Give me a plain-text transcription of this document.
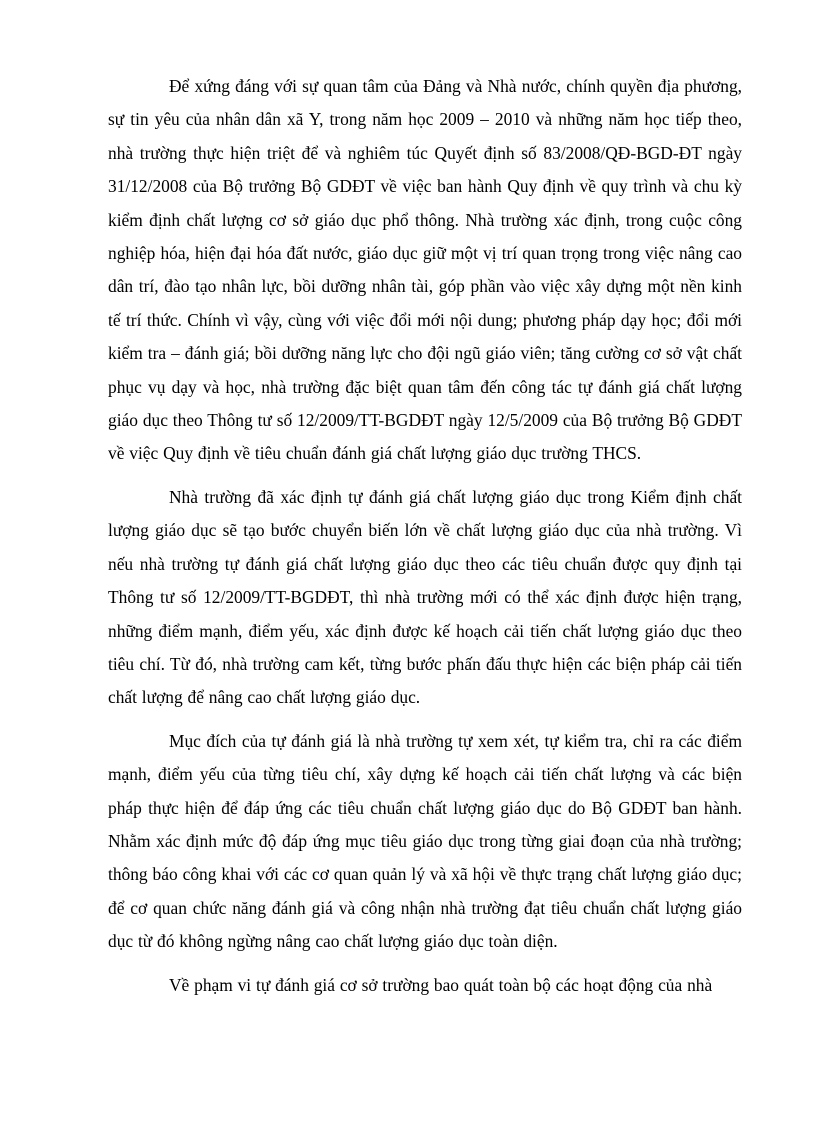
Để xứng đáng với sự quan tâm của Đảng và Nhà nước, chính quyền địa phương, sự tin yêu của nhân dân xã Y, trong năm học 2009 – 2010 và những năm học tiếp theo, nhà trường thực hiện triệt để và nghiêm túc Quyết định số 83/2008/QĐ-BGD-ĐT ngày 31/12/2008 của Bộ trưởng Bộ GDĐT về việc ban hành Quy định về quy trình và chu kỳ kiểm định chất lượng cơ sở giáo dục phổ thông. Nhà trường xác định, trong cuộc công nghiệp hóa, hiện đại hóa đất nước, giáo dục giữ một vị trí quan trọng trong việc nâng cao dân trí, đào tạo nhân lực, bồi dưỡng nhân tài, góp phần vào việc xây dựng một nền kinh tế trí thức. Chính vì vậy, cùng với việc đổi mới nội dung; phương pháp dạy học; đổi mới kiểm tra – đánh giá; bồi dưỡng năng lực cho đội ngũ giáo viên; tăng cường cơ sở vật chất phục vụ dạy và học, nhà trường đặc biệt quan tâm đến công tác tự đánh giá chất lượng giáo dục theo Thông tư số 12/2009/TT-BGDĐT ngày 12/5/2009 của Bộ trưởng Bộ GDĐT về việc Quy định về tiêu chuẩn đánh giá chất lượng giáo dục trường THCS.

Nhà trường đã xác định tự đánh giá chất lượng giáo dục trong Kiểm định chất lượng giáo dục sẽ tạo bước chuyển biến lớn về chất lượng giáo dục của nhà trường. Vì nếu nhà trường tự đánh giá chất lượng giáo dục theo các tiêu chuẩn được quy định tại Thông tư số 12/2009/TT-BGDĐT, thì nhà trường mới có thể xác định được hiện trạng, những điểm mạnh, điểm yếu, xác định được kế hoạch cải tiến chất lượng giáo dục theo tiêu chí. Từ đó, nhà trường cam kết, từng bước phấn đấu thực hiện các biện pháp cải tiến chất lượng để nâng cao chất lượng giáo dục.

Mục đích của tự đánh giá là nhà trường tự xem xét, tự kiểm tra, chỉ ra các điểm mạnh, điểm yếu của từng tiêu chí, xây dựng kế hoạch cải tiến chất lượng và các biện pháp thực hiện để đáp ứng các tiêu chuẩn chất lượng giáo dục do Bộ GDĐT ban hành. Nhằm xác định mức độ đáp ứng mục tiêu giáo dục trong từng giai đoạn của nhà trường; thông báo công khai với các cơ quan quản lý và xã hội về thực trạng chất lượng giáo dục; để cơ quan chức năng đánh giá và công nhận nhà trường đạt tiêu chuẩn chất lượng giáo dục từ đó không ngừng nâng cao chất lượng giáo dục toàn diện.

Về phạm vi tự đánh giá cơ sở trường bao quát toàn bộ các hoạt động của nhà
